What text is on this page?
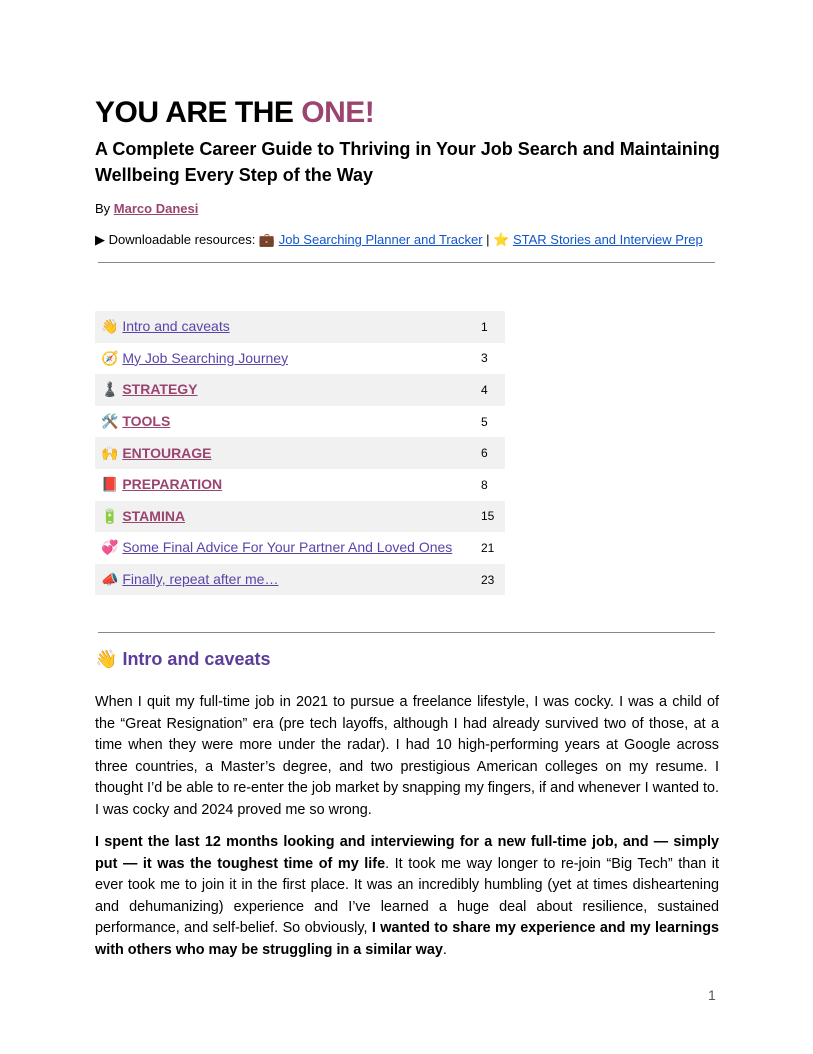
YOU ARE THE ONE!
A Complete Career Guide to Thriving in Your Job Search and Maintaining Wellbeing Every Step of the Way
By Marco Danesi
▶ Downloadable resources: 💼 Job Searching Planner and Tracker | ⭐ STAR Stories and Interview Prep
👋 Intro and caveats	1
🧭 My Job Searching Journey	3
♟️ STRATEGY	4
🛠️ TOOLS	5
🙌 ENTOURAGE	6
📕 PREPARATION	8
🔋 STAMINA	15
💞 Some Final Advice For Your Partner And Loved Ones	21
📣 Finally, repeat after me…	23
👋 Intro and caveats

When I quit my full-time job in 2021 to pursue a freelance lifestyle, I was cocky. I was a child of the “Great Resignation” era (pre tech layoffs, although I had already survived two of those, at a time when they were more under the radar). I had 10 high-performing years at Google across three countries, a Master’s degree, and two prestigious American colleges on my resume. I thought I’d be able to re-enter the job market by snapping my fingers, if and whenever I wanted to. I was cocky and 2024 proved me so wrong.

I spent the last 12 months looking and interviewing for a new full-time job, and — simply put — it was the toughest time of my life. It took me way longer to re-join “Big Tech” than it ever took me to join it in the first place. It was an incredibly humbling (yet at times disheartening and dehumanizing) experience and I’ve learned a huge deal about resilience, sustained performance, and self-belief. So obviously, I wanted to share my experience and my learnings with others who may be struggling in a similar way.

1
